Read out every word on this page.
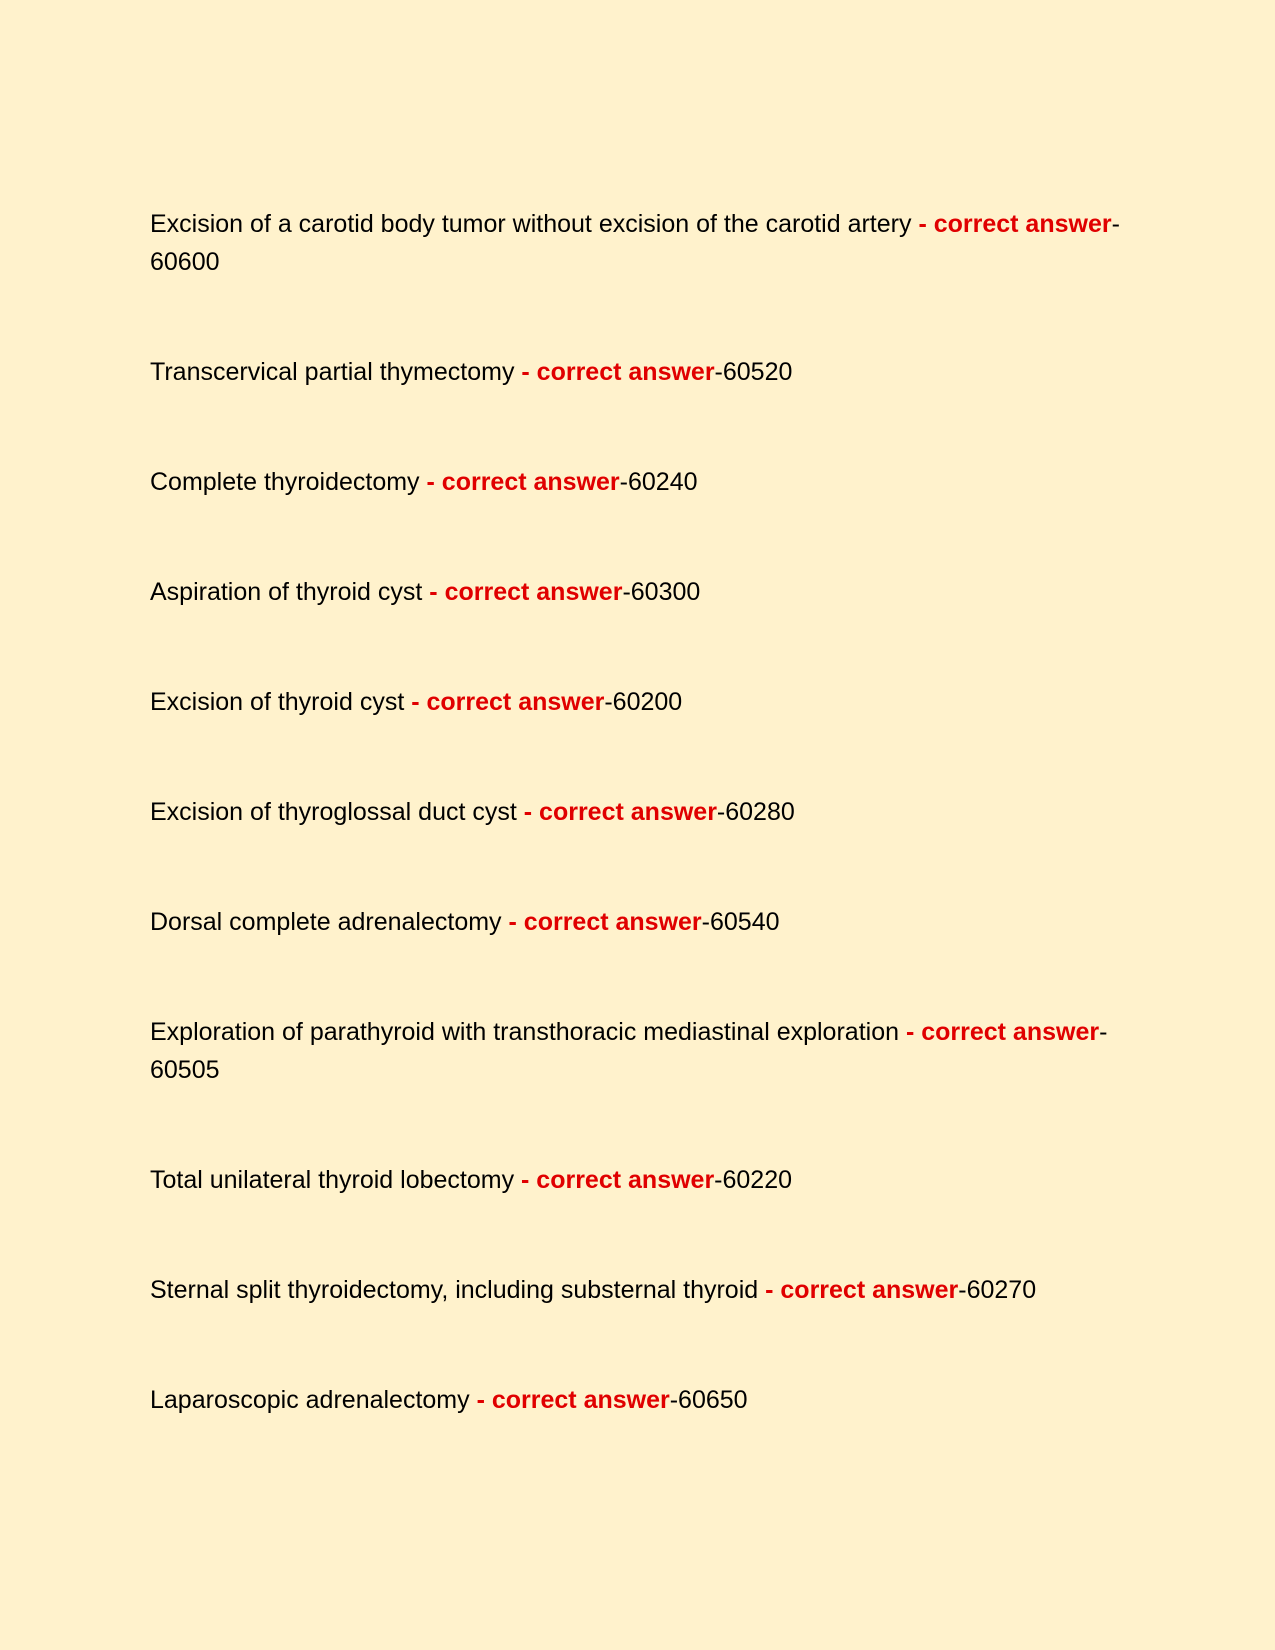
Excision of a carotid body tumor without excision of the carotid artery - correct answer-60600

Transcervical partial thymectomy - correct answer-60520

Complete thyroidectomy - correct answer-60240

Aspiration of thyroid cyst - correct answer-60300

Excision of thyroid cyst - correct answer-60200

Excision of thyroglossal duct cyst - correct answer-60280

Dorsal complete adrenalectomy - correct answer-60540

Exploration of parathyroid with transthoracic mediastinal exploration - correct answer-60505

Total unilateral thyroid lobectomy - correct answer-60220

Sternal split thyroidectomy, including substernal thyroid - correct answer-60270

Laparoscopic adrenalectomy - correct answer-60650
